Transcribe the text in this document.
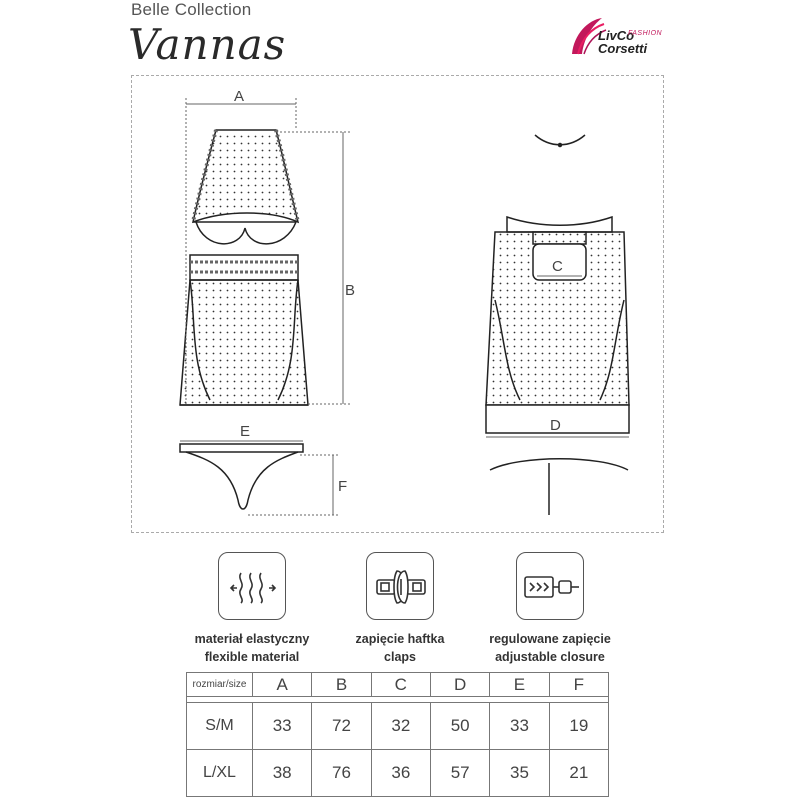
Belle Collection
Vannas	LivCo
FASHION
Corsetti
A
B
C
D
E
F
materiał elastyczny
flexible material
zapięcie haftka
claps
regulowane zapięcie
adjustable closure
rozmiar/size	A	B	C	D	E	F

S/M	33	72	32	50	33	19
L/XL	38	76	36	57	35	21
